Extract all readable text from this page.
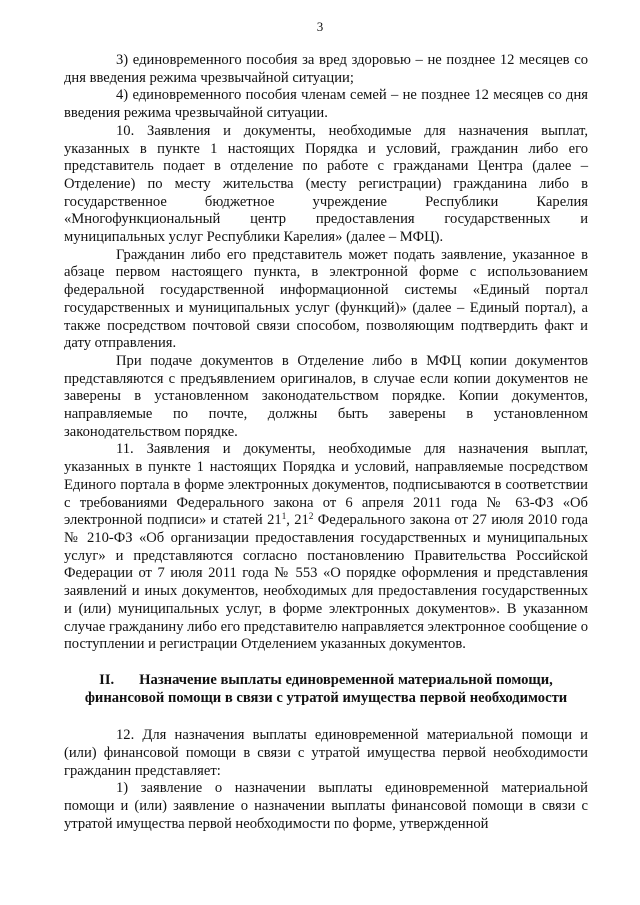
3

3) единовременного пособия за вред здоровью – не позднее 12 месяцев со дня введения режима чрезвычайной ситуации;

4) единовременного пособия членам семей – не позднее 12 месяцев со дня введения режима чрезвычайной ситуации.

10. Заявления и документы, необходимые для назначения выплат, указанных в пункте 1 настоящих Порядка и условий, гражданин либо его представитель подает в отделение по работе с гражданами Центра (далее – Отделение) по месту жительства (месту регистрации) гражданина либо в государственное бюджетное учреждение Республики Карелия «Многофункциональный центр предоставления государственных и муниципальных услуг Республики Карелия» (далее – МФЦ).

Гражданин либо его представитель может подать заявление, указанное в абзаце первом настоящего пункта, в электронной форме с использованием федеральной государственной информационной системы «Единый портал государственных и муниципальных услуг (функций)» (далее – Единый портал), а также посредством почтовой связи способом, позволяющим подтвердить факт и дату отправления.

При подаче документов в Отделение либо в МФЦ копии документов представляются с предъявлением оригиналов, в случае если копии документов не заверены в установленном законодательством порядке. Копии документов, направляемые по почте, должны быть заверены в установленном законодательством порядке.

11. Заявления и документы, необходимые для назначения выплат, указанных в пункте 1 настоящих Порядка и условий, направляемые посредством Единого портала в форме электронных документов, подписываются в соответствии с требованиями Федерального закона от 6 апреля 2011 года № 63-ФЗ «Об электронной подписи» и статей $21^1$, $21^2$ Федерального закона от 27 июля 2010 года № 210-ФЗ «Об организации предоставления государственных и муниципальных услуг» и представляются согласно постановлению Правительства Российской Федерации от 7 июля 2011 года № 553 «О порядке оформления и представления заявлений и иных документов, необходимых для предоставления государственных и (или) муниципальных услуг, в форме электронных документов». В указанном случае гражданину либо его представителю направляется электронное сообщение о поступлении и регистрации Отделением указанных документов.

II. Назначение выплаты единовременной материальной помощи,
финансовой помощи в связи с утратой имущества первой необходимости

12. Для назначения выплаты единовременной материальной помощи и (или) финансовой помощи в связи с утратой имущества первой необходимости гражданин представляет:

1) заявление о назначении выплаты единовременной материальной помощи и (или) заявление о назначении выплаты финансовой помощи в связи с утратой имущества первой необходимости по форме, утвержденной
